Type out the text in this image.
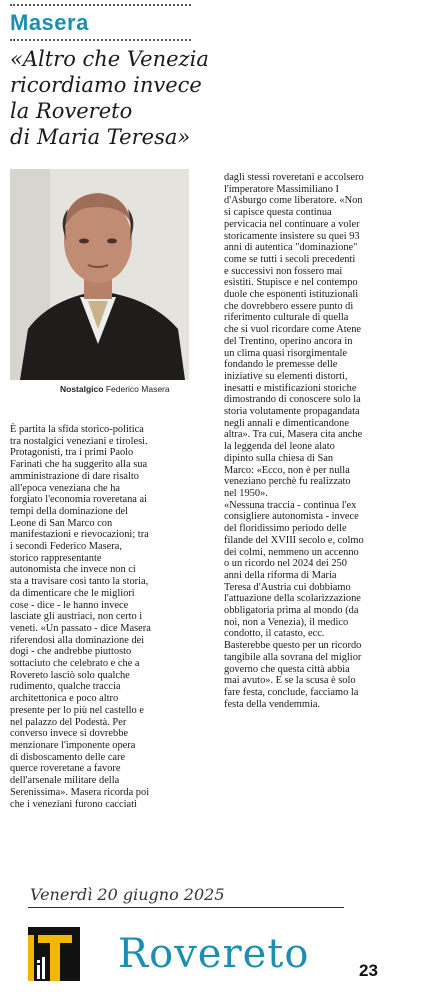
Masera
«Altro che Venezia
ricordiamo invece
la Rovereto
di Maria Teresa»
Nostalgico Federico Masera
È partita la sfida storico-politica
tra nostalgici veneziani e tirolesi.
Protagonisti, tra i primi Paolo
Farinati che ha suggerito alla sua
amministrazione di dare risalto
all'epoca veneziana che ha
forgiato l'economia roveretana ai
tempi della dominazione del
Leone di San Marco con
manifestazioni e rievocazioni; tra
i secondi Federico Masera,
storico rappresentante
autonomista che invece non ci
sta a travisare così tanto la storia,
da dimenticare che le migliori
cose - dice - le hanno invece
lasciate gli austriaci, non certo i
veneti. «Un passato - dice Masera
riferendosi alla dominazione dei
dogi - che andrebbe piuttosto
sottaciuto che celebrato e che a
Rovereto lasciò solo qualche
rudimento, qualche traccia
architettonica e poco altro
presente per lo più nel castello e
nel palazzo del Podestà. Per
converso invece si dovrebbe
menzionare l'imponente opera
di disboscamento delle care
querce roveretane a favore
dell'arsenale militare della
Serenissima». Masera ricorda poi
che i veneziani furono cacciati
dagli stessi roveretani e accolsero
l'imperatore Massimiliano I
d'Asburgo come liberatore. «Non
si capisce questa continua
pervicacia nel continuare a voler
storicamente insistere su quei 93
anni di autentica "dominazione"
come se tutti i secoli precedenti
e successivi non fossero mai
esistiti. Stupisce e nel contempo
duole che esponenti istituzionali
che dovrebbero essere punto di
riferimento culturale di quella
che si vuol ricordare come Atene
del Trentino, operino ancora in
un clima quasi risorgimentale
fondando le premesse delle
iniziative su elementi distorti,
inesatti e mistificazioni storiche
dimostrando di conoscere solo la
storia volutamente propagandata
negli annali e dimenticandone
altra». Tra cui, Masera cita anche
la leggenda del leone alato
dipinto sulla chiesa di San
Marco: «Ecco, non è per nulla
veneziano perchè fu realizzato
nel 1950».
«Nessuna traccia - continua l'ex
consigliere autonomista - invece
del floridissimo periodo delle
filande del XVIII secolo e, colmo
dei colmi, nemmeno un accenno
o un ricordo nel 2024 dei 250
anni della riforma di Maria
Teresa d'Austria cui dobbiamo
l'attuazione della scolarizzazione
obbligatoria prima al mondo (da
noi, non a Venezia), il medico
condotto, il catasto, ecc.
Basterebbe questo per un ricordo
tangibile alla sovrana del miglior
governo che questa città abbia
mai avuto». E se la scusa è solo
fare festa, conclude, facciamo la
festa della vendemmia.
Venerdì 20 giugno 2025
Rovereto	23
